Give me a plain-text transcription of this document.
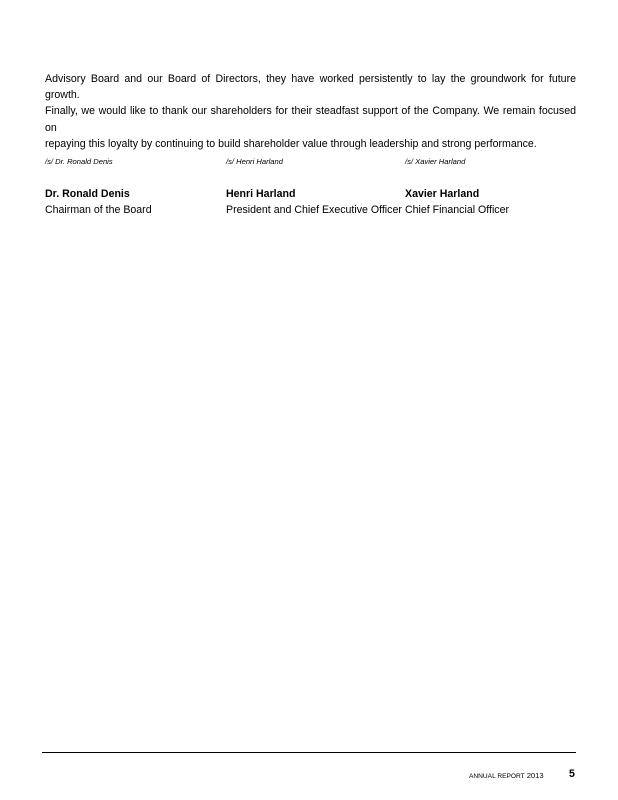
Advisory Board and our Board of Directors, they have worked persistently to lay the groundwork for future growth.
Finally, we would like to thank our shareholders for their steadfast support of the Company. We remain focused on
repaying this loyalty by continuing to build shareholder value through leadership and strong performance.

/s/ Dr. Ronald Denis
Dr. Ronald Denis
Chairman of the Board
/s/ Henri Harland
Henri Harland
President and Chief Executive Officer
/s/ Xavier Harland
Xavier Harland
Chief Financial Officer
ANNUAL REPORT 2013 5
